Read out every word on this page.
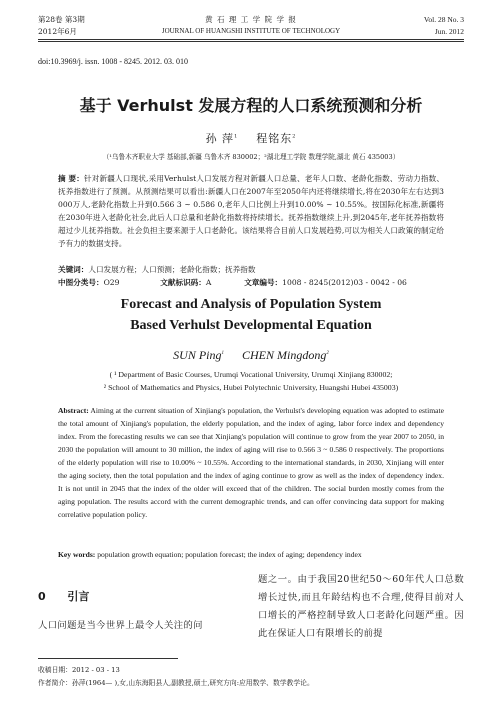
第28卷 第3期
2012年6月
黄 石 理 工 学 院 学 报
JOURNAL OF HUANGSHI INSTITUTE OF TECHNOLOGY
Vol. 28 No. 3
Jun. 2012
doi:10.3969/j. issn. 1008 - 8245. 2012. 03. 010
基于 Verhulst 发展方程的人口系统预测和分析
孙 萍$^1$ 程铭东$^2$
（¹乌鲁木齐职业大学 基础部,新疆 乌鲁木齐 830002；²湖北理工学院 数理学院,湖北 黄石 435003）
摘 要：针对新疆人口现状,采用Verhulst人口发展方程对新疆人口总量、老年人口数、老龄化指数、劳动力指数、抚养指数进行了预测。从预测结果可以看出:新疆人口在2007年至2050年内还将继续增长,将在2030年左右达到3 000万人,老龄化指数上升到0.566 3 ~ 0.586 0,老年人口比例上升到10.00% ~ 10.55%。按国际化标准,新疆将在2030年进入老龄化社会,此后人口总量和老龄化指数将持续增长。抚养指数继续上升,到2045年,老年抚养指数将超过少儿抚养指数。社会负担主要来源于人口老龄化。该结果将合目前人口发展趋势,可以为相关人口政策的制定给予有力的数据支持。
关键词：人口发展方程；人口预测；老龄化指数；抚养指数
中图分类号：O29	文献标识码：A	文章编号：1008 - 8245(2012)03 - 0042 - 06
Forecast and Analysis of Population System
Based Verhulst Developmental Equation
SUN Ping$^1$ CHEN Mingdong$^2$
( ¹ Department of Basic Courses, Urumqi Vocational University, Urumqi Xinjiang 830002;
² School of Mathematics and Physics, Hubei Polytechnic University, Huangshi Hubei 435003)
Abstract: Aiming at the current situation of Xinjiang's population, the Verhulst's developing equation was adopted to estimate the total amount of Xinjiang's population, the elderly population, and the index of aging, labor force index and dependency index. From the forecasting results we can see that Xinjiang's population will continue to grow from the year 2007 to 2050, in 2030 the population will amount to 30 million, the index of aging will rise to 0.566 3 ~ 0.586 0 respectively. The proportions of the elderly population will rise to 10.00% ~ 10.55%. According to the international standards, in 2030, Xinjiang will enter the aging society, then the total population and the index of aging continue to grow as well as the index of dependency index. It is not until in 2045 that the index of the older will exceed that of the children. The social burden mostly comes from the aging population. The results accord with the current demographic trends, and can offer convincing data support for making correlative population policy.
Key words: population growth equation; population forecast; the index of aging; dependency index
0 引言
人口问题是当今世界上最令人关注的问
题之一。由于我国20世纪50～60年代人口总数增长过快,而且年龄结构也不合理,使得目前对人口增长的严格控制导致人口老龄化问题严重。因此在保证人口有限增长的前提
收稿日期：2012 - 03 - 13
作者简介：孙萍(1964— ),女,山东海阳县人,副教授,硕士,研究方向:应用数学、数学教学论。
